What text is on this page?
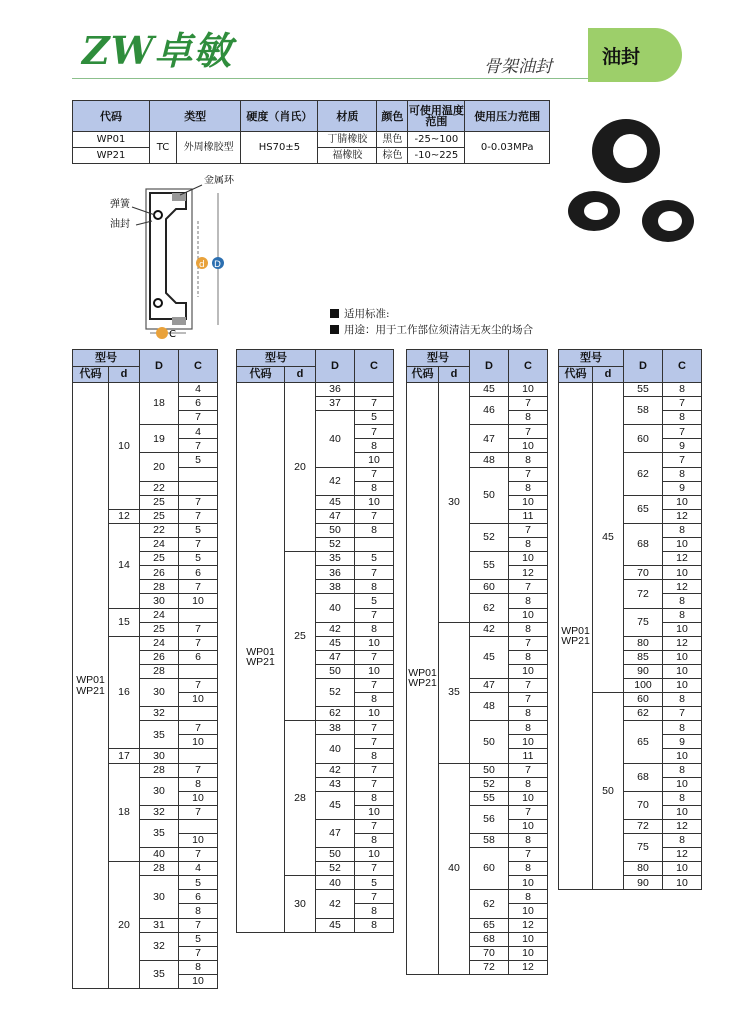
ZW卓敏	骨架油封	油封
代码	类型		硬度（肖氏）	材质	颜色	可使用温度范围	使用压力范围
WP01	TC	外周橡胶型	HS70±5	丁腈橡胶	黑色	-25~100	0-0.03MPa
WP21				福橡胶	棕色	-10~225	
金属环
弹簧
油封
d D
C
适用标准:
用途：用于工作部位须清洁无灰尘的场合
型号		D	C
代码	d		
WP01
WP21	10	18	4
			6
			7
		19	4
			7
		20	5

		22	
		25	7
	12	25	7
	14	22	5
		24	7
		25	5
		26	6
		28	7
		30	10
	15	24	
		25	7
	16	24	7
		26	6
		28	
		30	7
			10
		32	
		35	7
			10
	17	30	
	18	28	7
		30	8
			10
		32	7
		35	
			10
		40	7
	20	28	4
		30	5
			6
			8
		31	7
		32	5
			7
		35	8
			10
型号		D	C
代码	d		
WP01
WP21	20	36	
		37	7
		40	5
			7
			8
			10
		42	7
			8
		45	10
		47	7
		50	8
		52	
	25	35	5
		36	7
		38	8
		40	5
			7
		42	8
		45	10
		47	7
		50	10
		52	7
			8
		62	10
	28	38	7
		40	7
			8
		42	7
		43	7
		45	8
			10
		47	7
			8
		50	10
		52	7
	30	40	5
		42	7
			8
		45	8
型号		D	C
代码	d		
WP01
WP21	30	45	10
		46	7
			8
		47	7
			10
		48	8
		50	7
			8
			10
			11
		52	7
			8
		55	10
			12
		60	7
		62	8
			10
	35	42	8
		45	7
			8
			10
		47	7
		48	7
			8
		50	8
			10
			11
	40	50	7
		52	8
		55	10
		56	7
			10
		58	8
		60	7
			8
			10
		62	8
			10
		65	12
		68	10
		70	10
		72	12
型号		D	C
代码	d		
WP01
WP21	45	55	8
		58	7
			8
		60	7
			9
		62	7
			8
			9
		65	10
			12
		68	8
			10
			12
		70	10
		72	12
			8
		75	8
			10
		80	12
		85	10
		90	10
		100	10
	50	60	8
		62	7
		65	8
			9
			10
		68	8
			10
		70	8
			10
		72	12
		75	8
			12
		80	10
		90	10
